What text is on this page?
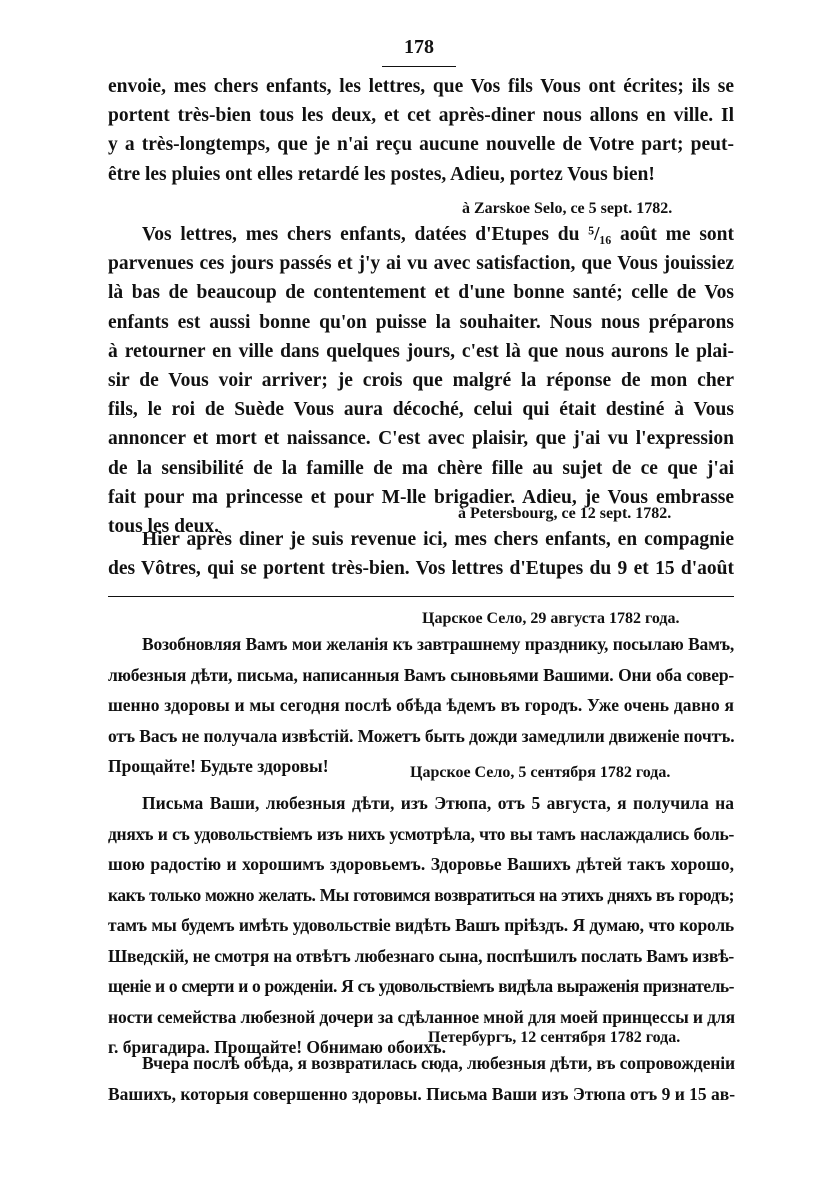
178
envoie, mes chers enfants, les lettres, que Vos fils Vous ont écrites; ils se
portent très-bien tous les deux, et cet après-diner nous allons en ville. Il
y a très-longtemps, que je n'ai reçu aucune nouvelle de Votre part; peut-
être les pluies ont elles retardé les postes, Adieu, portez Vous bien!
à Zarskoe Selo, ce 5 sept. 1782.
Vos lettres, mes chers enfants, datées d'Etupes du ⁵/₁₆ août me sont
parvenues ces jours passés et j'y ai vu avec satisfaction, que Vous jouissiez
là bas de beaucoup de contentement et d'une bonne santé; celle de Vos
enfants est aussi bonne qu'on puisse la souhaiter. Nous nous préparons
à retourner en ville dans quelques jours, c'est là que nous aurons le plai-
sir de Vous voir arriver; je crois que malgré la réponse de mon cher
fils, le roi de Suède Vous aura décoché, celui qui était destiné à Vous
annoncer et mort et naissance. C'est avec plaisir, que j'ai vu l'expression
de la sensibilité de la famille de ma chère fille au sujet de ce que j'ai
fait pour ma princesse et pour M-lle brigadier. Adieu, je Vous embrasse
tous les deux.
à Petersbourg, ce 12 sept. 1782.
Hier après diner je suis revenue ici, mes chers enfants, en compagnie
des Vôtres, qui se portent très-bien. Vos lettres d'Etupes du 9 et 15 d'août
Царское Село, 29 августа 1782 года.
Возобновляя Вамъ мои желанія къ завтрашнему празднику, посылаю Вамъ,
любезныя дѣти, письма, написанныя Вамъ сыновьями Вашими. Они оба совер-
шенно здоровы и мы сегодня послѣ обѣда ѣдемъ въ городъ. Уже очень давно я
отъ Васъ не получала извѣстій. Можетъ быть дожди замедлили движеніе почтъ.
Прощайте! Будьте здоровы!	Царское Село, 5 сентября 1782 года.
Письма Ваши, любезныя дѣти, изъ Этюпа, отъ 5 августа, я получила на
дняхъ и съ удовольствіемъ изъ нихъ усмотрѣла, что вы тамъ наслаждались боль-
шою радостію и хорошимъ здоровьемъ. Здоровье Вашихъ дѣтей такъ хорошо,
какъ только можно желать. Мы готовимся возвратиться на этихъ дняхъ въ городъ;
тамъ мы будемъ имѣть удовольствіе видѣть Вашъ пріѣздъ. Я думаю, что король
Шведскій, не смотря на отвѣтъ любезнаго сына, поспѣшилъ послать Вамъ извѣ-
щеніе и о смерти и о рожденіи. Я съ удовольствіемъ видѣла выраженія признатель-
ности семейства любезной дочери за сдѣланное мной для моей принцессы и для
г. бригадира. Прощайте! Обнимаю обоихъ.
Петербургъ, 12 сентября 1782 года.
Вчера послѣ обѣда, я возвратилась сюда, любезныя дѣти, въ сопровожденіи
Вашихъ, которыя совершенно здоровы. Письма Ваши изъ Этюпа отъ 9 и 15 ав-
